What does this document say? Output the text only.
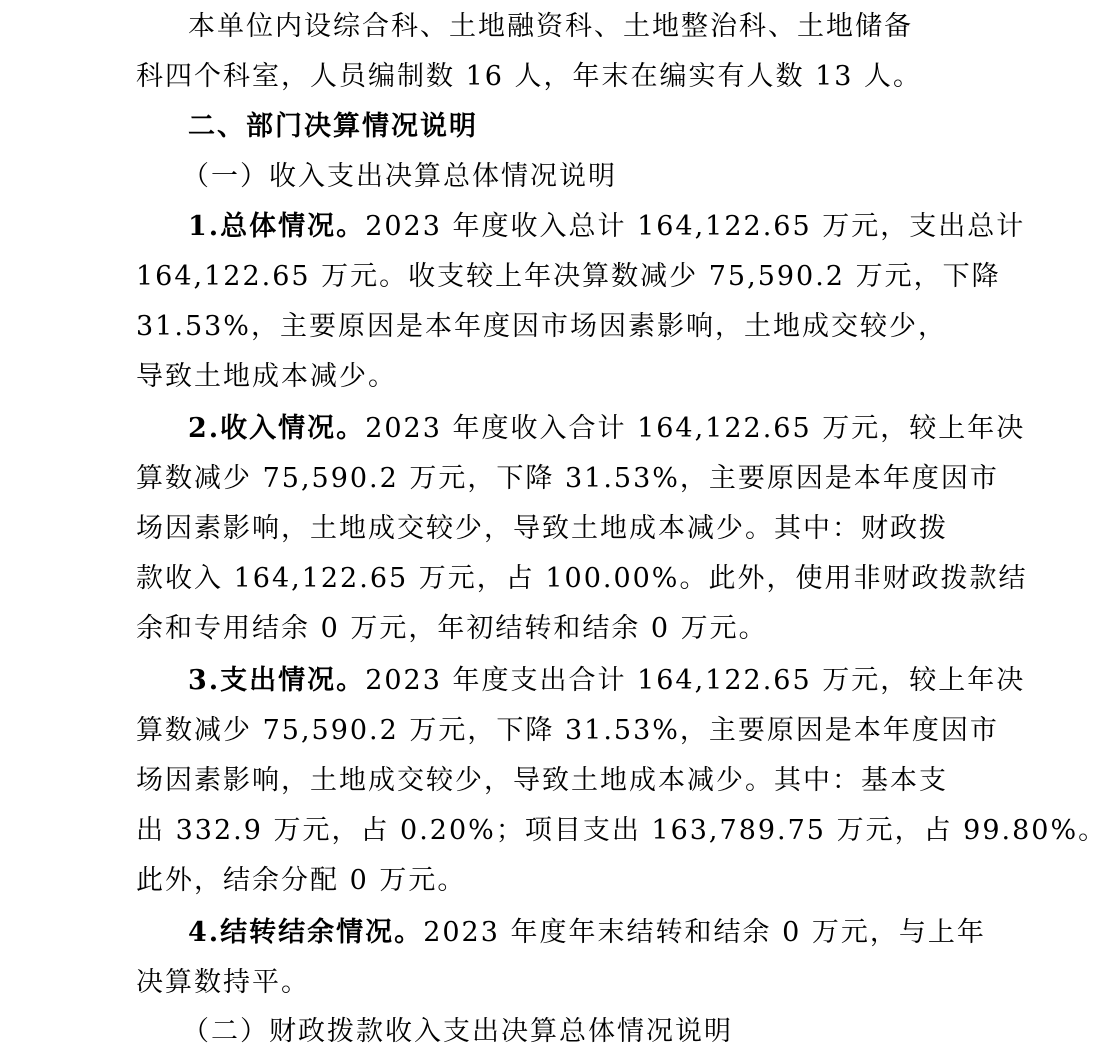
本单位内设综合科、土地融资科、土地整治科、土地储备
科四个科室，人员编制数 16 人，年末在编实有人数 13 人。
二、部门决算情况说明
（一）收入支出决算总体情况说明
1.总体情况。2023 年度收入总计 164,122.65 万元，支出总计
164,122.65 万元。收支较上年决算数减少 75,590.2 万元，下降
31.53%，主要原因是本年度因市场因素影响，土地成交较少，
导致土地成本减少。
2.收入情况。2023 年度收入合计 164,122.65 万元，较上年决
算数减少 75,590.2 万元，下降 31.53%，主要原因是本年度因市
场因素影响，土地成交较少，导致土地成本减少。其中：财政拨
款收入 164,122.65 万元，占 100.00%。此外，使用非财政拨款结
余和专用结余 0 万元，年初结转和结余 0 万元。
3.支出情况。2023 年度支出合计 164,122.65 万元，较上年决
算数减少 75,590.2 万元，下降 31.53%，主要原因是本年度因市
场因素影响，土地成交较少，导致土地成本减少。其中：基本支
出 332.9 万元，占 0.20%；项目支出 163,789.75 万元，占 99.80%。
此外，结余分配 0 万元。
4.结转结余情况。2023 年度年末结转和结余 0 万元，与上年
决算数持平。
（二）财政拨款收入支出决算总体情况说明
